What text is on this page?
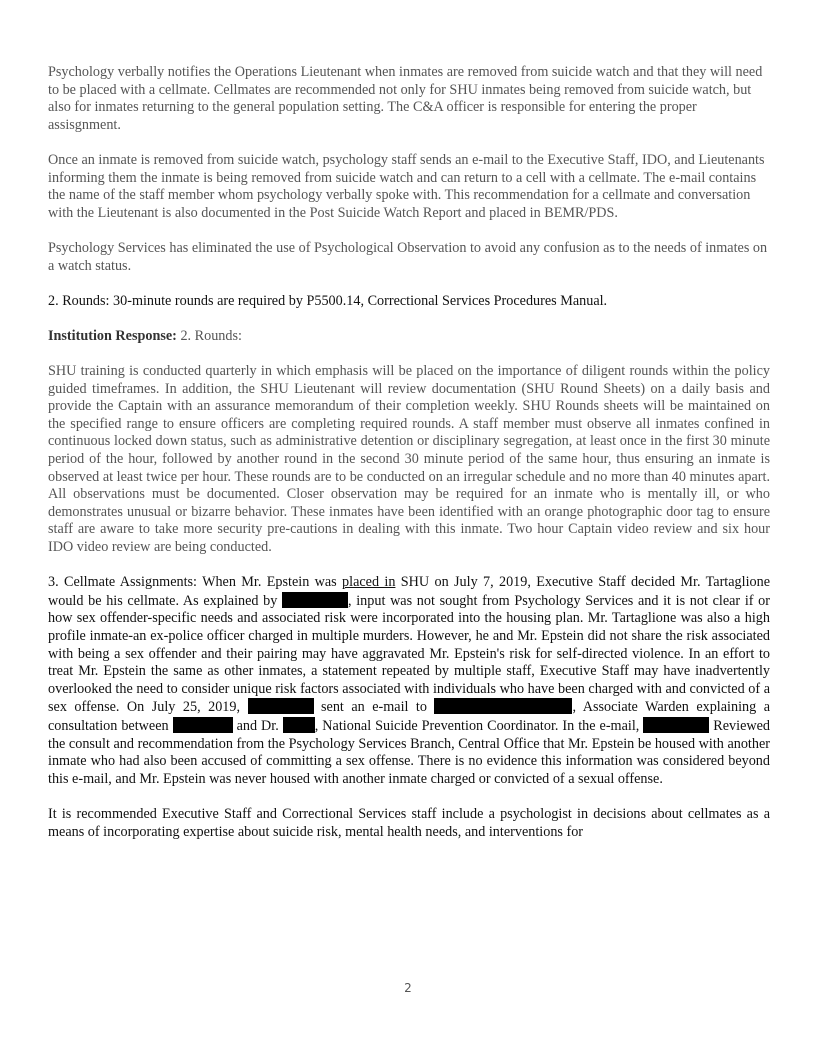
Psychology verbally notifies the Operations Lieutenant when inmates are removed from suicide watch and that they will need to be placed with a cellmate. Cellmates are recommended not only for SHU inmates being removed from suicide watch, but also for inmates returning to the general population setting. The C&A officer is responsible for entering the proper assisgnment.

Once an inmate is removed from suicide watch, psychology staff sends an e-mail to the Executive Staff, IDO, and Lieutenants informing them the inmate is being removed from suicide watch and can return to a cell with a cellmate. The e-mail contains the name of the staff member whom psychology verbally spoke with. This recommendation for a cellmate and conversation with the Lieutenant is also documented in the Post Suicide Watch Report and placed in BEMR/PDS.

Psychology Services has eliminated the use of Psychological Observation to avoid any confusion as to the needs of inmates on a watch status.

2. Rounds: 30-minute rounds are required by P5500.14, Correctional Services Procedures Manual.

Institution Response: 2. Rounds:

SHU training is conducted quarterly in which emphasis will be placed on the importance of diligent rounds within the policy guided timeframes. In addition, the SHU Lieutenant will review documentation (SHU Round Sheets) on a daily basis and provide the Captain with an assurance memorandum of their completion weekly. SHU Rounds sheets will be maintained on the specified range to ensure officers are completing required rounds. A staff member must observe all inmates confined in continuous locked down status, such as administrative detention or disciplinary segregation, at least once in the first 30 minute period of the hour, followed by another round in the second 30 minute period of the same hour, thus ensuring an inmate is observed at least twice per hour. These rounds are to be conducted on an irregular schedule and no more than 40 minutes apart. All observations must be documented. Closer observation may be required for an inmate who is mentally ill, or who demonstrates unusual or bizarre behavior. These inmates have been identified with an orange photographic door tag to ensure staff are aware to take more security pre-cautions in dealing with this inmate. Two hour Captain video review and six hour IDO video review are being conducted.

3. Cellmate Assignments: When Mr. Epstein was placed in SHU on July 7, 2019, Executive Staff decided Mr. Tartaglione would be his cellmate. As explained by	, input was not sought from Psychology Services and it is not clear if or how sex offender-specific needs and associated risk were incorporated into the housing plan. Mr. Tartaglione was also a high profile inmate-an ex-police officer charged in multiple murders. However, he and Mr. Epstein did not share the risk associated with being a sex offender and their pairing may have aggravated Mr. Epstein's risk for self-directed violence. In an effort to treat Mr. Epstein the same as other inmates, a statement repeated by multiple staff, Executive Staff may have inadvertently overlooked the need to consider unique risk factors associated with individuals who have been charged with and convicted of a sex offense. On July 25, 2019,	sent an e-mail to	, Associate Warden explaining a consultation between	and Dr. , National Suicide Prevention Coordinator. In the e-mail,	Reviewed the consult and recommendation from the Psychology Services Branch, Central Office that Mr. Epstein be housed with another inmate who had also been accused of committing a sex offense. There is no evidence this information was considered beyond this e-mail, and Mr. Epstein was never housed with another inmate charged or convicted of a sexual offense.

It is recommended Executive Staff and Correctional Services staff include a psychologist in decisions about cellmates as a means of incorporating expertise about suicide risk, mental health needs, and interventions for

2
